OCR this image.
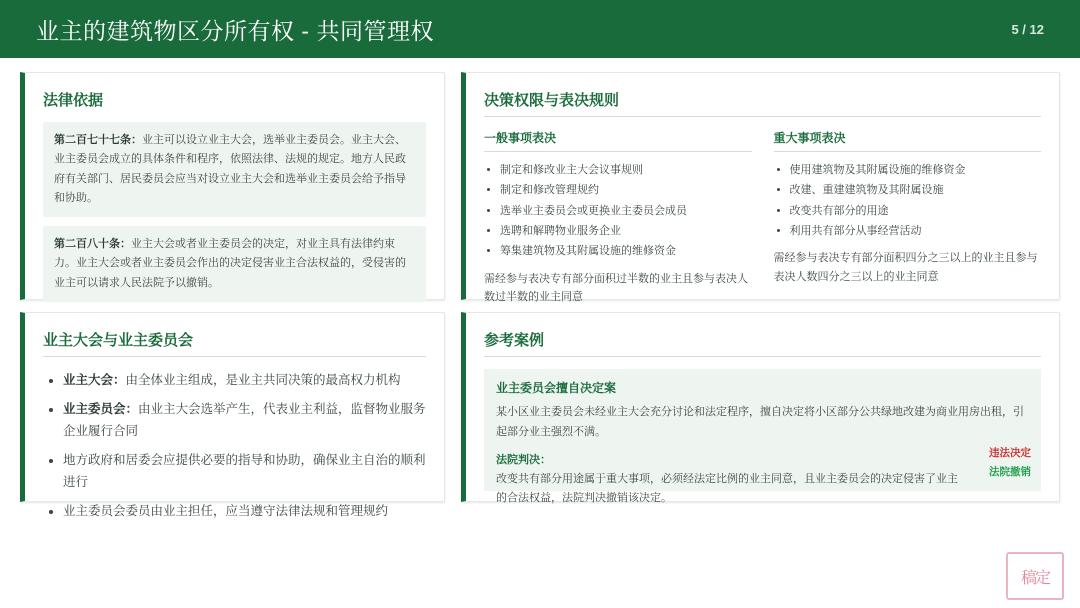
业主的建筑物区分所有权 - 共同管理权	5 / 12
法律依据
第二百七十七条：业主可以设立业主大会，选举业主委员会。业主大会、业主委员会成立的具体条件和程序，依照法律、法规的规定。地方人民政府有关部门、居民委员会应当对设立业主大会和选举业主委员会给予指导和协助。
第二百八十条：业主大会或者业主委员会的决定，对业主具有法律约束力。业主大会或者业主委员会作出的决定侵害业主合法权益的，受侵害的业主可以请求人民法院予以撤销。
决策权限与表决规则
一般事项表决
• 制定和修改业主大会议事规则
• 制定和修改管理规约
• 选举业主委员会或更换业主委员会成员
• 选聘和解聘物业服务企业
• 筹集建筑物及其附属设施的维修资金
需经参与表决专有部分面积过半数的业主且参与表决人数过半数的业主同意
重大事项表决
• 使用建筑物及其附属设施的维修资金
• 改建、重建建筑物及其附属设施
• 改变共有部分的用途
• 利用共有部分从事经营活动
需经参与表决专有部分面积四分之三以上的业主且参与表决人数四分之三以上的业主同意
业主大会与业主委员会
• 业主大会：由全体业主组成，是业主共同决策的最高权力机构
• 业主委员会：由业主大会选举产生，代表业主利益，监督物业服务企业履行合同
• 地方政府和居委会应提供必要的指导和协助，确保业主自治的顺利进行
• 业主委员会委员由业主担任，应当遵守法律法规和管理规约
参考案例
业主委员会擅自决定案
某小区业主委员会未经业主大会充分讨论和法定程序，擅自决定将小区部分公共绿地改建为商业用房出租，引起部分业主强烈不满。
法院判决：
改变共有部分用途属于重大事项，必须经法定比例的业主同意，且业主委员会的决定侵害了业主的合法权益，法院判决撤销该决定。
违法决定
法院撤销
稿定
